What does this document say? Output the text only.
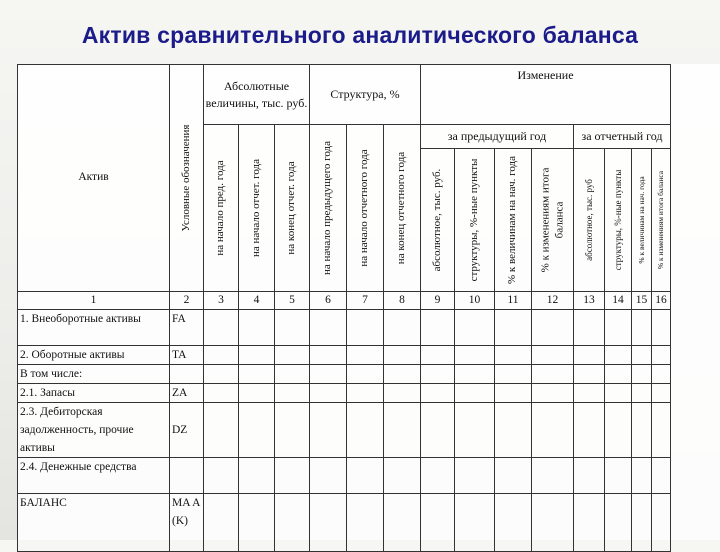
Актив сравнительного аналитического баланса
Актив	Условные обозначения	Абсолютные величины, тыс. руб.			Структура, %			Изменение							

		на начало пред. года	на начало отчет. года	на конец отчет. года	на начало предыдущего года	на начало отчетного года	на конец отчетного года	за предыдущий год				за отчетный год			

								абсолютное, тыс. руб.	структуры, %-ные пункты	% к величинам на нач. года	% к изменениям итога баланса	абсолютное, тыс. руб	структуры, %-ные пункты	% к величинам на нач. года	% к изменениям итога баланса

1	2	3	4	5	6	7	8	9	10	11	12	13	14	15	16
1. Внеоборотные активы	FA														
2. Оборотные активы	TA														
В том числе:															
2.1. Запасы	ZA														
2.3. Дебиторская задолженность, прочие активы	DZ														
2.4. Денежные средства															
БАЛАНС	MA A (K)														
